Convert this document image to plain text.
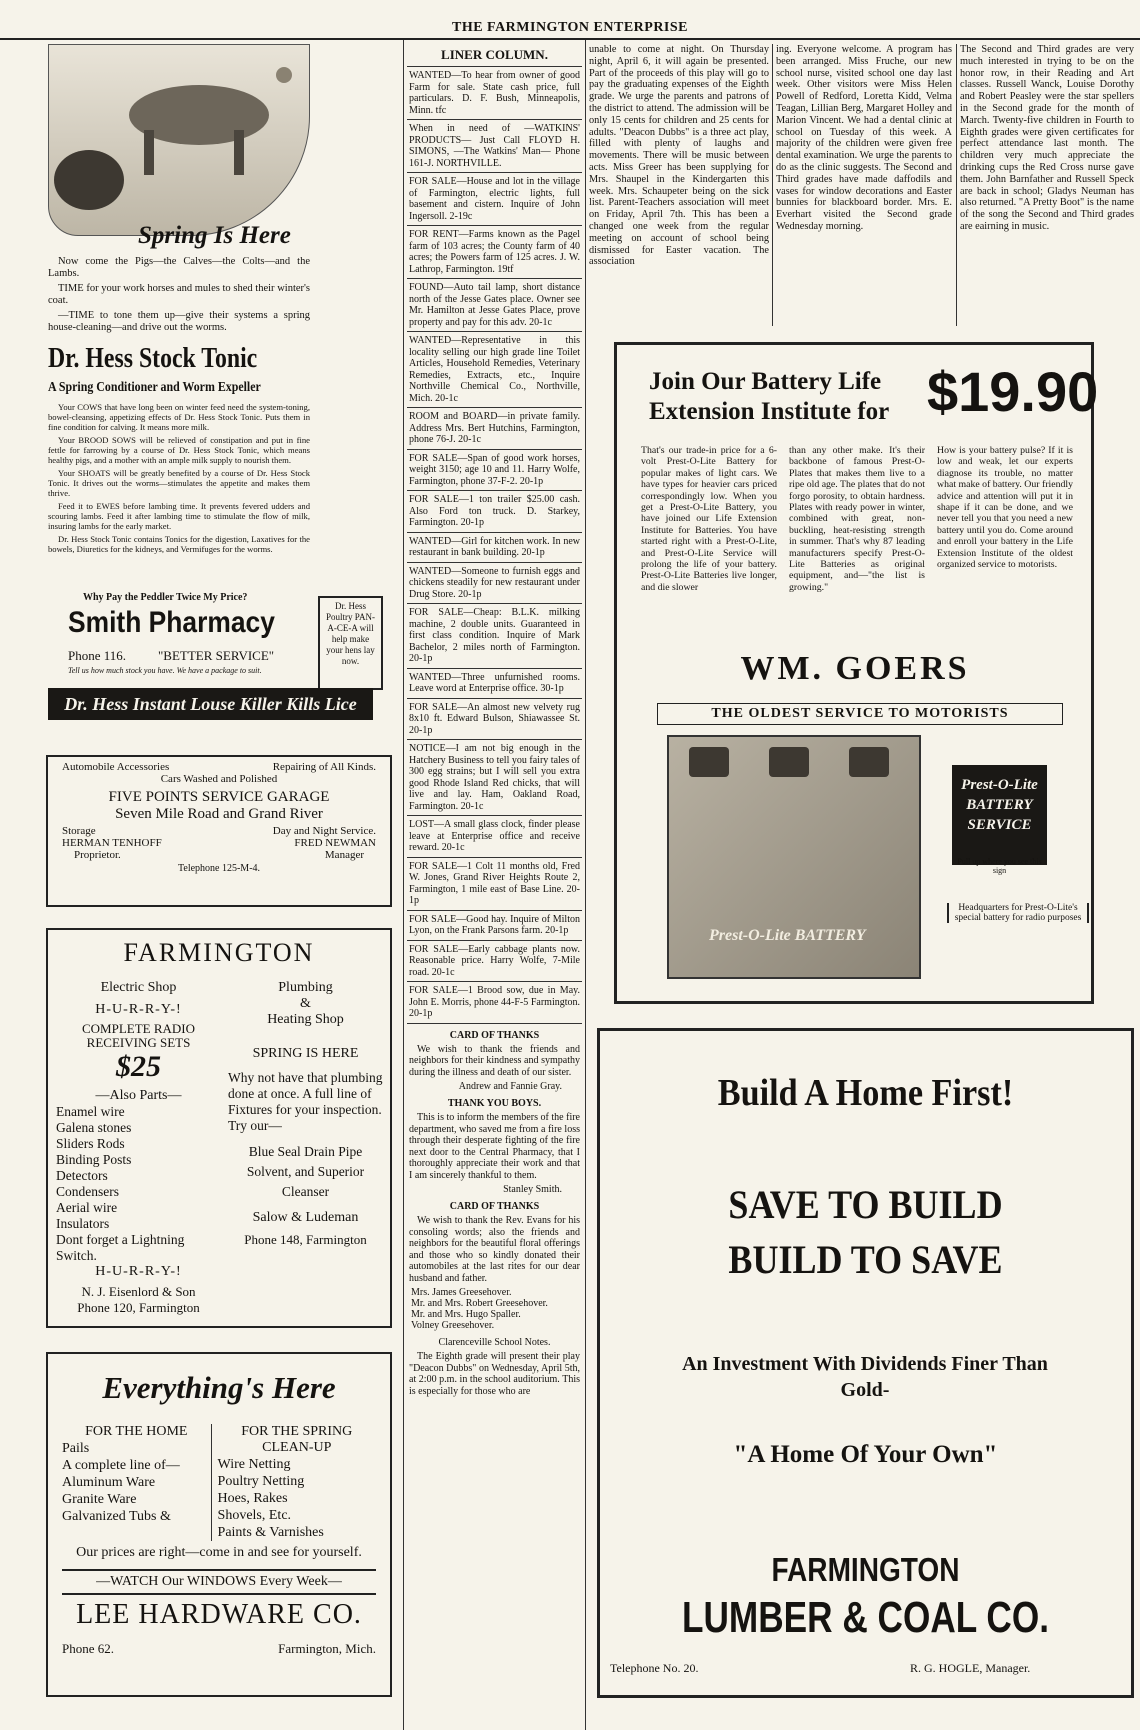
THE FARMINGTON ENTERPRISE
Spring Is Here

Now come the Pigs—the Calves—the Colts—and the Lambs.

TIME for your work horses and mules to shed their winter's coat.

—TIME to tone them up—give their systems a spring house-cleaning—and drive out the worms.

Dr. Hess Stock Tonic
A Spring Conditioner and Worm Expeller

Your COWS that have long been on winter feed need the system-toning, bowel-cleansing, appetizing effects of Dr. Hess Stock Tonic. Puts them in fine condition for calving. It means more milk.

Your BROOD SOWS will be relieved of constipation and put in fine fettle for farrowing by a course of Dr. Hess Stock Tonic, which means healthy pigs, and a mother with an ample milk supply to nourish them.

Your SHOATS will be greatly benefited by a course of Dr. Hess Stock Tonic. It drives out the worms—stimulates the appetite and makes them thrive.

Feed it to EWES before lambing time. It prevents fevered udders and scouring lambs. Feed it after lambing time to stimulate the flow of milk, insuring lambs for the early market.

Dr. Hess Stock Tonic contains Tonics for the digestion, Laxatives for the bowels, Diuretics for the kidneys, and Vermifuges for the worms.

Why Pay the Peddler Twice My Price?
Smith Pharmacy
Phone 116. "BETTER SERVICE"
Tell us how much stock you have. We have a package to suit.
Dr. Hess Poultry PAN-A-CE-A will help make your hens lay now.
Dr. Hess Instant Louse Killer Kills Lice
Automobile Accessories	Repairing of All Kinds.
Cars Washed and Polished
FIVE POINTS SERVICE GARAGE
Seven Mile Road and Grand River
Storage	Day and Night Service.
HERMAN TENHOFF	FRED NEWMAN
Proprietor.	Manager
Telephone 125-M-4.
FARMINGTON
Electric Shop
H-U-R-R-Y-!
COMPLETE RADIO RECEIVING SETS
$25
—Also Parts—
Enamel wire
Galena stones
Sliders Rods
Binding Posts
Detectors
Condensers
Aerial wire
Insulators
Dont forget a Lightning Switch.
H-U-R-R-Y-!
N. J. Eisenlord & Son
Phone 120, Farmington
Plumbing
&
Heating Shop
SPRING IS HERE
Why not have that plumbing done at once. A full line of Fixtures for your inspection. Try our—
Blue Seal Drain Pipe Solvent, and Superior Cleanser
Salow & Ludeman
Phone 148, Farmington
Everything's Here
FOR THE HOME
Pails
A complete line of—
Aluminum Ware
Granite Ware
Galvanized Tubs &
FOR THE SPRING CLEAN-UP
Wire Netting
Poultry Netting
Hoes, Rakes
Shovels, Etc.
Paints & Varnishes
Our prices are right—come in and see for yourself.
—WATCH Our WINDOWS Every Week—
LEE HARDWARE CO.
Phone 62.	Farmington, Mich.
LINER COLUMN.
WANTED—To hear from owner of good Farm for sale. State cash price, full particulars. D. F. Bush, Minneapolis, Minn. tfc
When in need of —WATKINS' PRODUCTS— Just Call FLOYD H. SIMONS, —The Watkins' Man— Phone 161-J. NORTHVILLE.
FOR SALE—House and lot in the village of Farmington, electric lights, full basement and cistern. Inquire of John Ingersoll. 2-19c
FOR RENT—Farms known as the Pagel farm of 103 acres; the County farm of 40 acres; the Powers farm of 125 acres. J. W. Lathrop, Farmington. 19tf
FOUND—Auto tail lamp, short distance north of the Jesse Gates place. Owner see Mr. Hamilton at Jesse Gates Place, prove property and pay for this adv. 20-1c
WANTED—Representative in this locality selling our high grade line Toilet Articles, Household Remedies, Veterinary Remedies, Extracts, etc., Inquire Northville Chemical Co., Northville, Mich. 20-1c
ROOM and BOARD—in private family. Address Mrs. Bert Hutchins, Farmington, phone 76-J. 20-1c
FOR SALE—Span of good work horses, weight 3150; age 10 and 11. Harry Wolfe, Farmington, phone 37-F-2. 20-1p
FOR SALE—1 ton trailer $25.00 cash. Also Ford ton truck. D. Starkey, Farmington. 20-1p
WANTED—Girl for kitchen work. In new restaurant in bank building. 20-1p
WANTED—Someone to furnish eggs and chickens steadily for new restaurant under Drug Store. 20-1p
FOR SALE—Cheap: B.L.K. milking machine, 2 double units. Guaranteed in first class condition. Inquire of Mark Bachelor, 2 miles north of Farmington. 20-1p
WANTED—Three unfurnished rooms. Leave word at Enterprise office. 30-1p
FOR SALE—An almost new velvety rug 8x10 ft. Edward Bulson, Shiawassee St. 20-1p
NOTICE—I am not big enough in the Hatchery Business to tell you fairy tales of 300 egg strains; but I will sell you extra good Rhode Island Red chicks, that will live and lay. Ham, Oakland Road, Farmington. 20-1c
LOST—A small glass clock, finder please leave at Enterprise office and receive reward. 20-1c
FOR SALE—1 Colt 11 months old, Fred W. Jones, Grand River Heights Route 2, Farmington, 1 mile east of Base Line. 20-1p
FOR SALE—Good hay. Inquire of Milton Lyon, on the Frank Parsons farm. 20-1p
FOR SALE—Early cabbage plants now. Reasonable price. Harry Wolfe, 7-Mile road. 20-1c
FOR SALE—1 Brood sow, due in May. John E. Morris, phone 44-F-5 Farmington. 20-1p
CARD OF THANKS
We wish to thank the friends and neighbors for their kindness and sympathy during the illness and death of our sister.
Andrew and Fannie Gray.
THANK YOU BOYS.
This is to inform the members of the fire department, who saved me from a fire loss through their desperate fighting of the fire next door to the Central Pharmacy, that I thoroughly appreciate their work and that I am sincerely thankful to them.
Stanley Smith.
CARD OF THANKS
We wish to thank the Rev. Evans for his consoling words; also the friends and neighbors for the beautiful floral offerings and those who so kindly donated their automobiles at the last rites for our dear husband and father.
Mrs. James Greesehover.
Mr. and Mrs. Robert Greesehover.
Mr. and Mrs. Hugo Spaller.
Volney Greesehover.
Clarenceville School Notes.
The Eighth grade will present their play "Deacon Dubbs" on Wednesday, April 5th, at 2:00 p.m. in the school auditorium. This is especially for those who are
unable to come at night. On Thursday night, April 6, it will again be presented. Part of the proceeds of this play will go to pay the graduating expenses of the Eighth grade. We urge the parents and patrons of the district to attend. The admission will be only 15 cents for children and 25 cents for adults. "Deacon Dubbs" is a three act play, filled with plenty of laughs and movements. There will be music between acts. Miss Greer has been supplying for Mrs. Shaupel in the Kindergarten this week. Mrs. Schaupeter being on the sick list. Parent-Teachers association will meet on Friday, April 7th. This has been a changed one week from the regular meeting on account of school being dismissed for Easter vacation. The association
ing. Everyone welcome. A program has been arranged. Miss Fruche, our new school nurse, visited school one day last week. Other visitors were Miss Helen Powell of Redford, Loretta Kidd, Velma Teagan, Lillian Berg, Margaret Holley and Marion Vincent. We had a dental clinic at school on Tuesday of this week. A majority of the children were given free dental examination. We urge the parents to do as the clinic suggests. The Second and Third grades have made daffodils and vases for window decorations and Easter bunnies for blackboard border. Mrs. E. Everhart visited the Second grade Wednesday morning.
The Second and Third grades are very much interested in trying to be on the honor row, in their Reading and Art classes. Russell Wanck, Louise Dorothy and Robert Peasley were the star spellers in the Second grade for the month of March. Twenty-five children in Fourth to Eighth grades were given certificates for perfect attendance last month. The children very much appreciate the drinking cups the Red Cross nurse gave them. John Barnfather and Russell Speck are back in school; Gladys Neuman has also returned. "A Pretty Boot" is the name of the song the Second and Third grades are eairning in music.
Join Our Battery Life Extension Institute for $19.90
That's our trade-in price for a 6-volt Prest-O-Lite Battery for popular makes of light cars. We have types for heavier cars priced correspondingly low. When you get a Prest-O-Lite Battery, you have joined our Life Extension Institute for Batteries. You have started right with a Prest-O-Lite, and Prest-O-Lite Service will prolong the life of your battery. Prest-O-Lite Batteries live longer, and die slower
than any other make. It's their backbone of famous Prest-O-Plates that makes them live to a ripe old age. The plates that do not forgo porosity, to obtain hardness. Plates with ready power in winter, combined with great, non-buckling, heat-resisting strength in summer. That's why 87 leading manufacturers specify Prest-O-Lite Batteries as original equipment, and—"the list is growing."
How is your battery pulse? If it is low and weak, let our experts diagnose its trouble, no matter what make of battery. Our friendly advice and attention will put it in shape if it can be done, and we never tell you that you need a new battery until you do. Come around and enroll your battery in the Life Extension Institute of the oldest organized service to motorists.
WM. GOERS
THE OLDEST SERVICE TO MOTORISTS
Prest-O-Lite BATTERY
Prest-O-Lite BATTERY SERVICE
Pull up where you see this sign
Headquarters for Prest-O-Lite's special battery for radio purposes
Build A Home First!
SAVE TO BUILD
BUILD TO SAVE
An Investment With Dividends Finer Than Gold-
"A Home Of Your Own"
FARMINGTON
LUMBER & COAL CO.
Telephone No. 20.	R. G. HOGLE, Manager.
